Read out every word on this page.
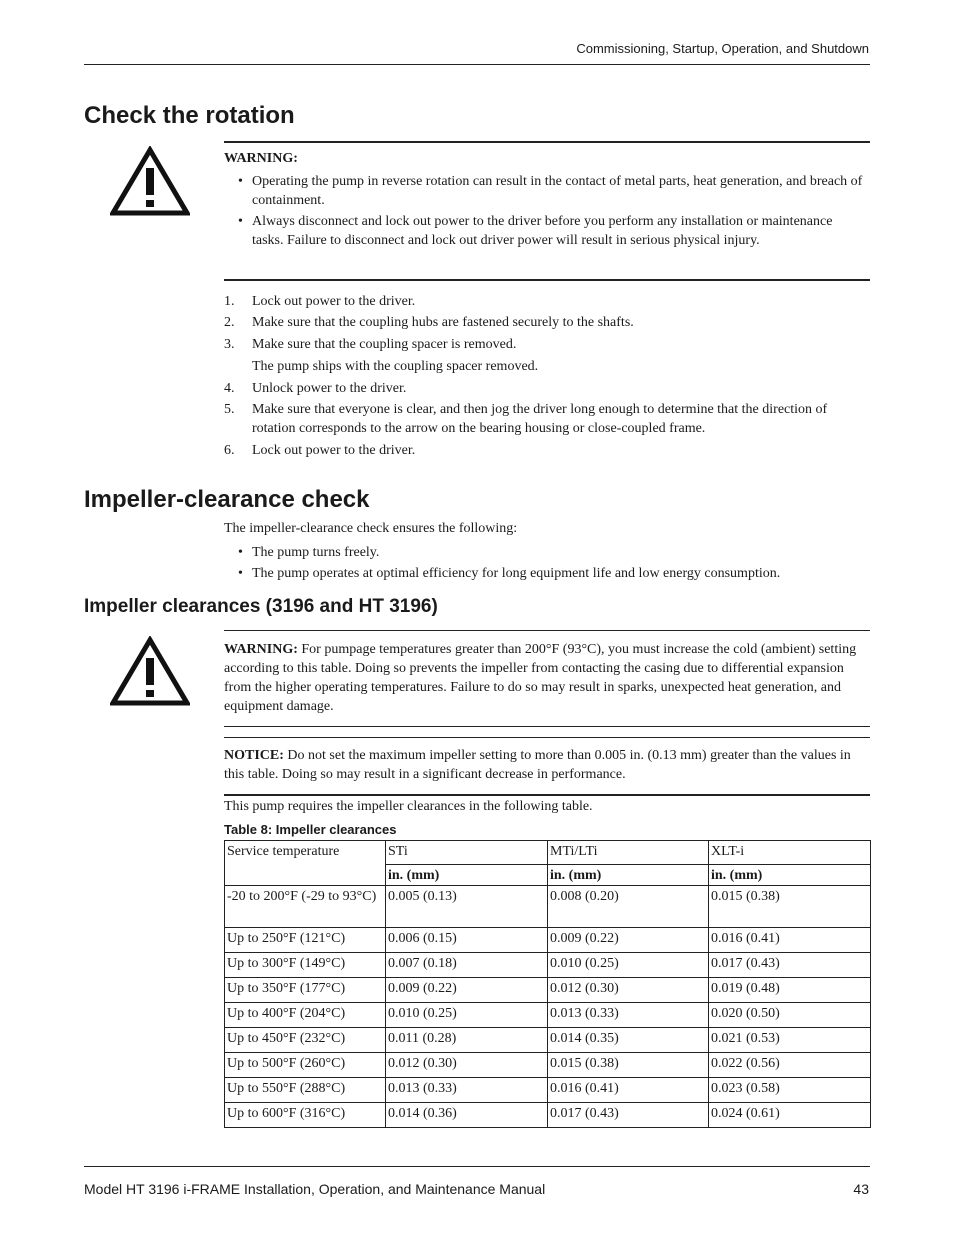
Commissioning, Startup, Operation, and Shutdown
Check the rotation
WARNING:
• Operating the pump in reverse rotation can result in the contact of metal parts, heat generation, and breach of containment.
• Always disconnect and lock out power to the driver before you perform any installation or maintenance tasks. Failure to disconnect and lock out driver power will result in serious physical injury.
1. Lock out power to the driver.
2. Make sure that the coupling hubs are fastened securely to the shafts.
3. Make sure that the coupling spacer is removed.
The pump ships with the coupling spacer removed.
4. Unlock power to the driver.
5. Make sure that everyone is clear, and then jog the driver long enough to determine that the direction of rotation corresponds to the arrow on the bearing housing or close-coupled frame.
6. Lock out power to the driver.
Impeller-clearance check
The impeller-clearance check ensures the following:
• The pump turns freely.
• The pump operates at optimal efficiency for long equipment life and low energy consumption.
Impeller clearances (3196 and HT 3196)
WARNING: For pumpage temperatures greater than 200°F (93°C), you must increase the cold (ambient) setting according to this table. Doing so prevents the impeller from contacting the casing due to differential expansion from the higher operating temperatures. Failure to do so may result in sparks, unexpected heat generation, and equipment damage.
NOTICE: Do not set the maximum impeller setting to more than 0.005 in. (0.13 mm) greater than the values in this table. Doing so may result in a significant decrease in performance.
This pump requires the impeller clearances in the following table.
Table 8: Impeller clearances
Service temperature	STi	MTi/LTi	XLT-i
	in. (mm)	in. (mm)	in. (mm)
-20 to 200°F (-29 to 93°C)	0.005 (0.13)	0.008 (0.20)	0.015 (0.38)
Up to 250°F (121°C)	0.006 (0.15)	0.009 (0.22)	0.016 (0.41)
Up to 300°F (149°C)	0.007 (0.18)	0.010 (0.25)	0.017 (0.43)
Up to 350°F (177°C)	0.009 (0.22)	0.012 (0.30)	0.019 (0.48)
Up to 400°F (204°C)	0.010 (0.25)	0.013 (0.33)	0.020 (0.50)
Up to 450°F (232°C)	0.011 (0.28)	0.014 (0.35)	0.021 (0.53)
Up to 500°F (260°C)	0.012 (0.30)	0.015 (0.38)	0.022 (0.56)
Up to 550°F (288°C)	0.013 (0.33)	0.016 (0.41)	0.023 (0.58)
Up to 600°F (316°C)	0.014 (0.36)	0.017 (0.43)	0.024 (0.61)
Model HT 3196 i-FRAME Installation, Operation, and Maintenance Manual	43
